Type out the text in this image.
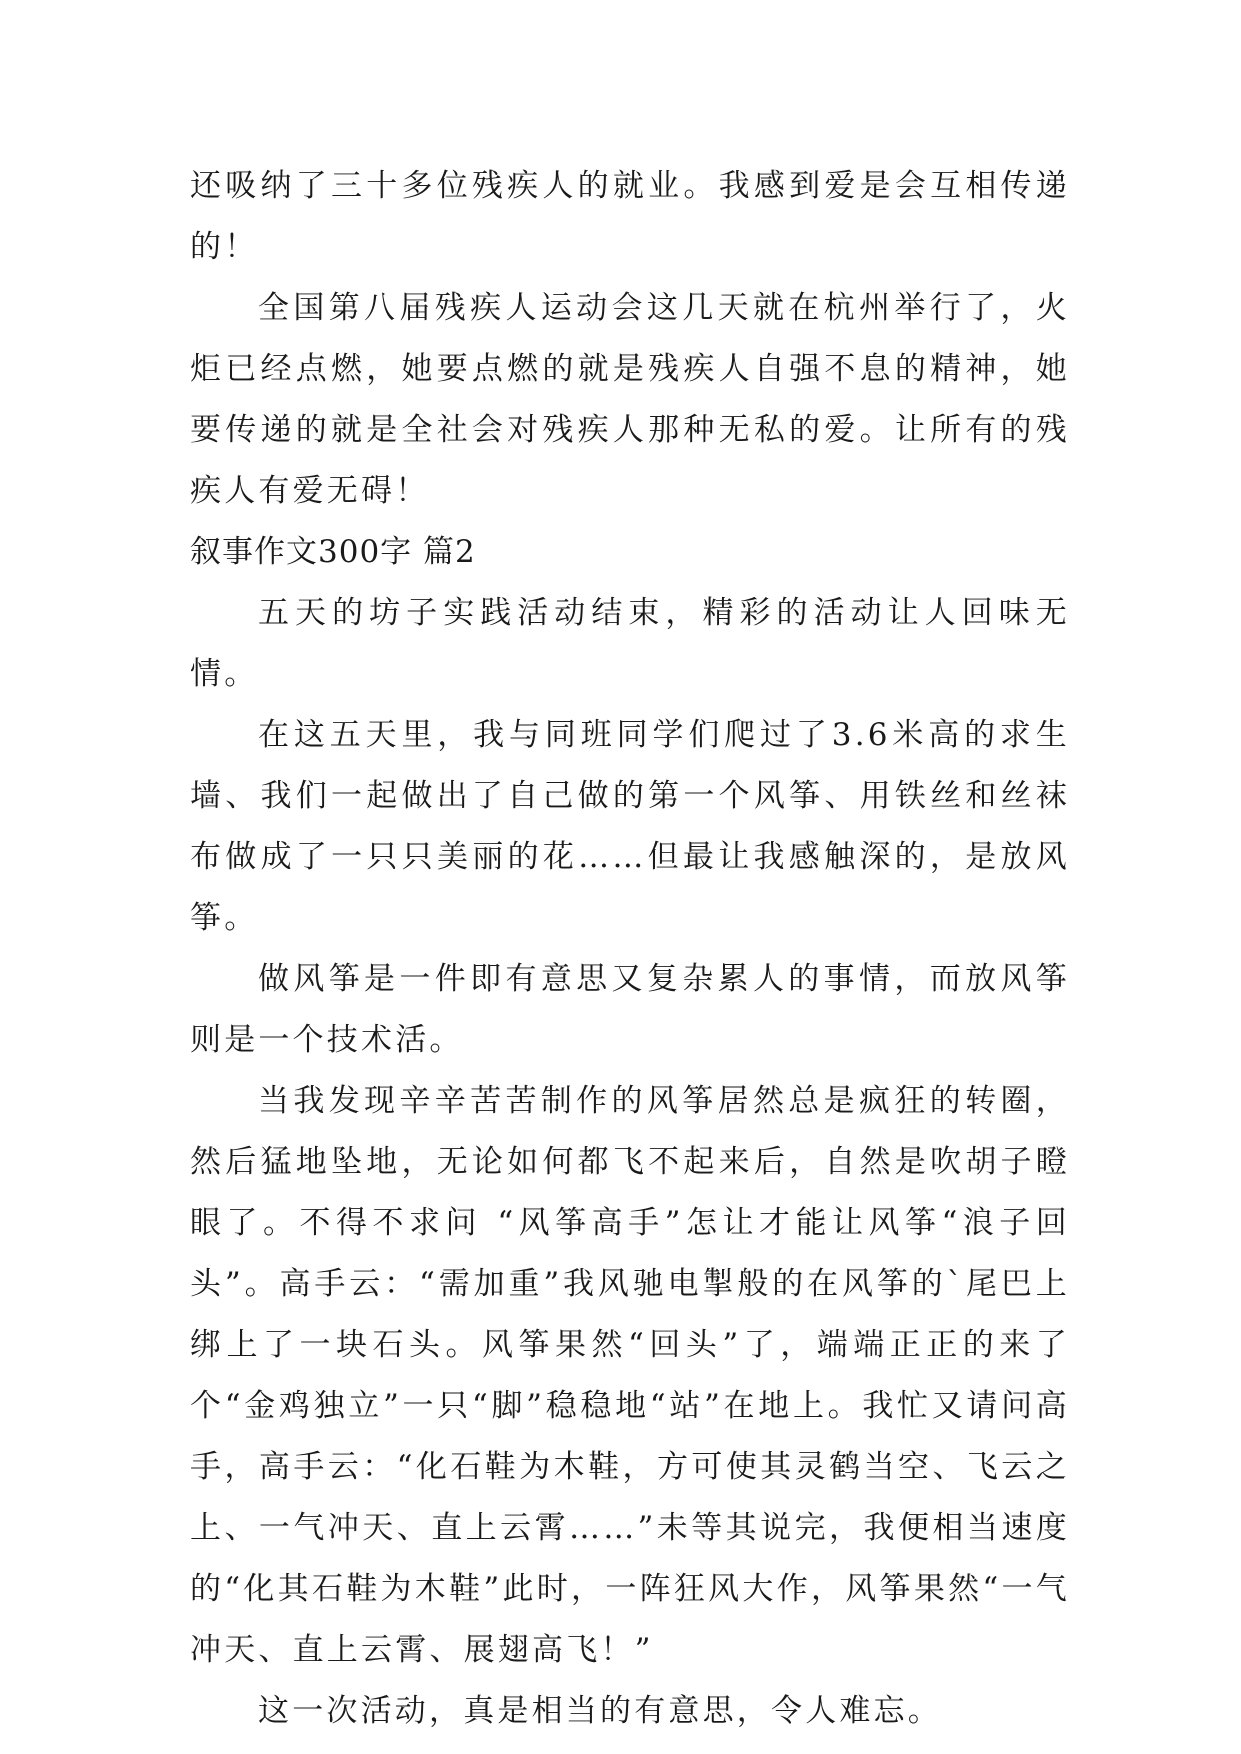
还吸纳了三十多位残疾人的就业。我感到爱是会互相传递的！

全国第八届残疾人运动会这几天就在杭州举行了，火炬已经点燃，她要点燃的就是残疾人自强不息的精神，她要传递的就是全社会对残疾人那种无私的爱。让所有的残疾人有爱无碍！

叙事作文300字 篇2

五天的坊子实践活动结束，精彩的活动让人回味无情。

在这五天里，我与同班同学们爬过了3.6米高的求生墙、我们一起做出了自己做的第一个风筝、用铁丝和丝袜布做成了一只只美丽的花……但最让我感触深的，是放风筝。

做风筝是一件即有意思又复杂累人的事情，而放风筝则是一个技术活。

当我发现辛辛苦苦制作的风筝居然总是疯狂的转圈，然后猛地坠地，无论如何都飞不起来后，自然是吹胡子瞪眼了。不得不求问 “风筝高手”怎让才能让风筝“浪子回头”。高手云：“需加重”我风驰电掣般的在风筝的`尾巴上绑上了一块石头。风筝果然“回头”了，端端正正的来了个“金鸡独立”一只“脚”稳稳地“站”在地上。我忙又请问高手，高手云：“化石鞋为木鞋，方可使其灵鹤当空、飞云之上、一气冲天、直上云霄……”未等其说完，我便相当速度的“化其石鞋为木鞋”此时，一阵狂风大作，风筝果然“一气冲天、直上云霄、展翅高飞！”

这一次活动，真是相当的有意思，令人难忘。
